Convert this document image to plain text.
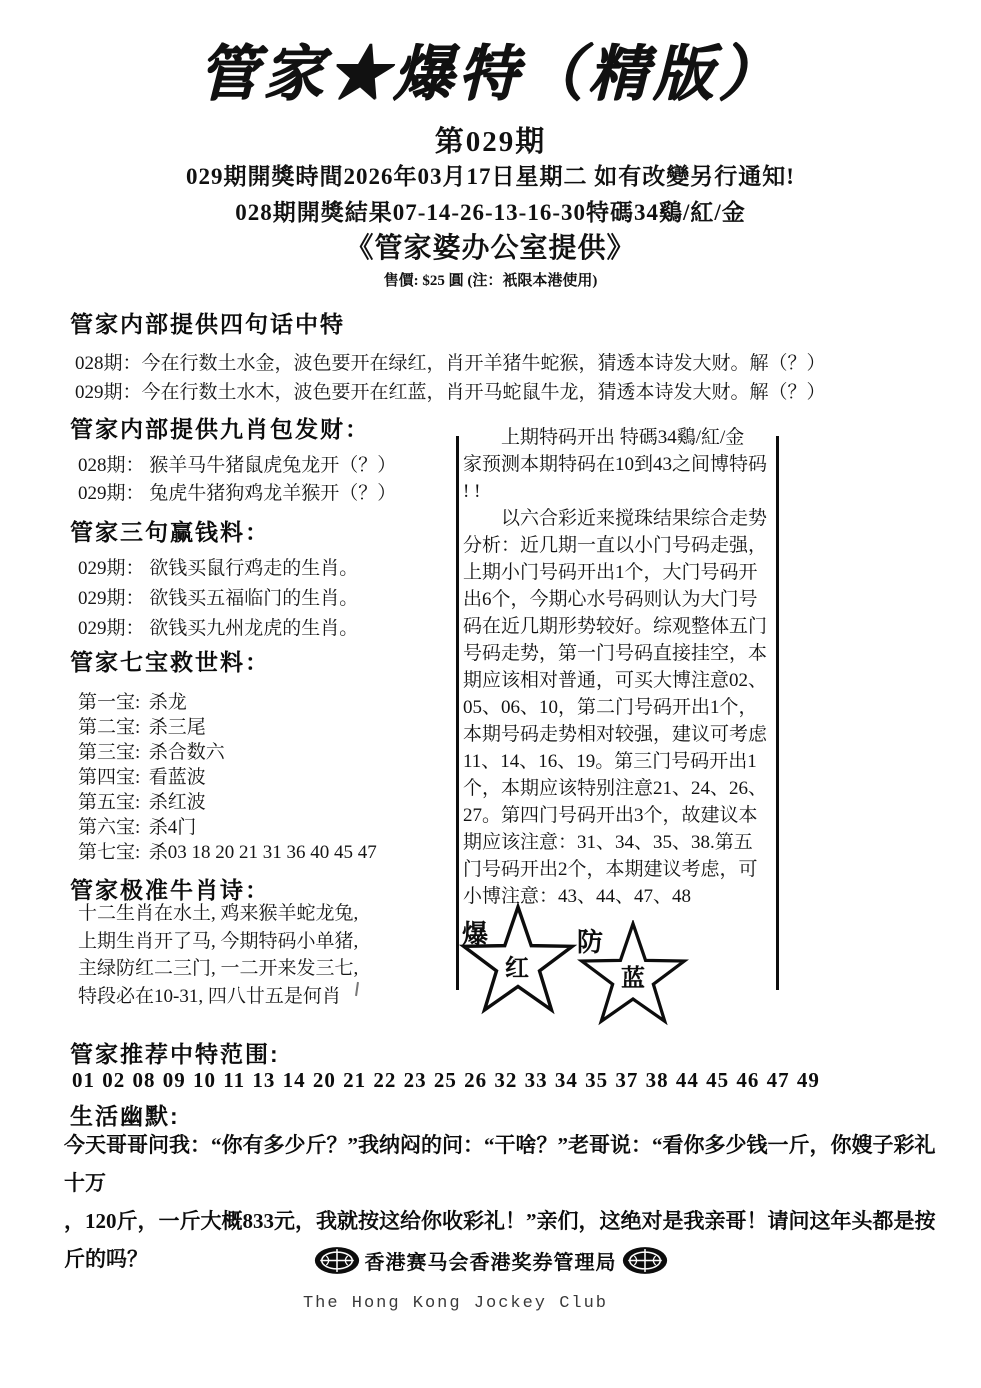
管家★爆特（精版）
第029期
029期開獎時間2026年03月17日星期二 如有改變另行通知!
028期開獎結果07-14-26-13-16-30特碼34鷄/紅/金
《管家婆办公室提供》
售價: $25 圓 (注：衹限本港使用)
管家内部提供四句话中特
028期：今在行数土水金，波色要开在绿红，肖开羊猪牛蛇猴，猜透本诗发大财。解（？）
029期：今在行数土水木，波色要开在红蓝，肖开马蛇鼠牛龙，猜透本诗发大财。解（？）
管家内部提供九肖包发财：
028期： 猴羊马牛猪鼠虎兔龙开（？）
029期： 兔虎牛猪狗鸡龙羊猴开（？）
管家三句赢钱料：
029期： 欲钱买鼠行鸡走的生肖。
029期： 欲钱买五福临门的生肖。
029期： 欲钱买九州龙虎的生肖。
管家七宝救世料：
第一宝: 杀龙
第二宝: 杀三尾
第三宝: 杀合数六
第四宝: 看蓝波
第五宝: 杀红波
第六宝: 杀4门
第七宝: 杀03 18 20 21 31 36 40 45 47
管家极准牛肖诗：
十二生肖在水土, 鸡来猴羊蛇龙兔,
上期生肖开了马, 今期特码小单猪,
主绿防红二三门, 一二开来发三七,
特段必在10-31, 四八廿五是何肖
　　上期特码开出 特碼34鷄/紅/金
家预测本期特码在10到43之间博特码
! !
　　以六合彩近来搅珠结果综合走势
分析：近几期一直以小门号码走强，
上期小门号码开出1个，大门号码开
出6个，今期心水号码则认为大门号
码在近几期形势较好。综观整体五门
号码走势，第一门号码直接挂空，本
期应该相对普通，可买大博注意02、
05、06、10，第二门号码开出1个，
本期号码走势相对较强，建议可考虑
11、14、16、19。第三门号码开出1
个，本期应该特别注意21、24、26、
27。第四门号码开出3个，故建议本
期应该注意：31、34、35、38.第五
门号码开出2个，本期建议考虑，可
小博注意：43、44、47、48
爆
红
防
蓝
管家推荐中特范围:
01 02 08 09 10 11 13 14 20 21 22 23 25 26 32 33 34 35 37 38 44 45 46 47 49
生活幽默:
今天哥哥问我：“你有多少斤？”我纳闷的问：“干啥？”老哥说：“看你多少钱一斤，你嫂子彩礼十万
，120斤，一斤大概833元，我就按这给你收彩礼！”亲们，这绝对是我亲哥！请问这年头都是按斤的吗？	香港赛马会香港奖券管理局
The Hong Kong Jockey Club
